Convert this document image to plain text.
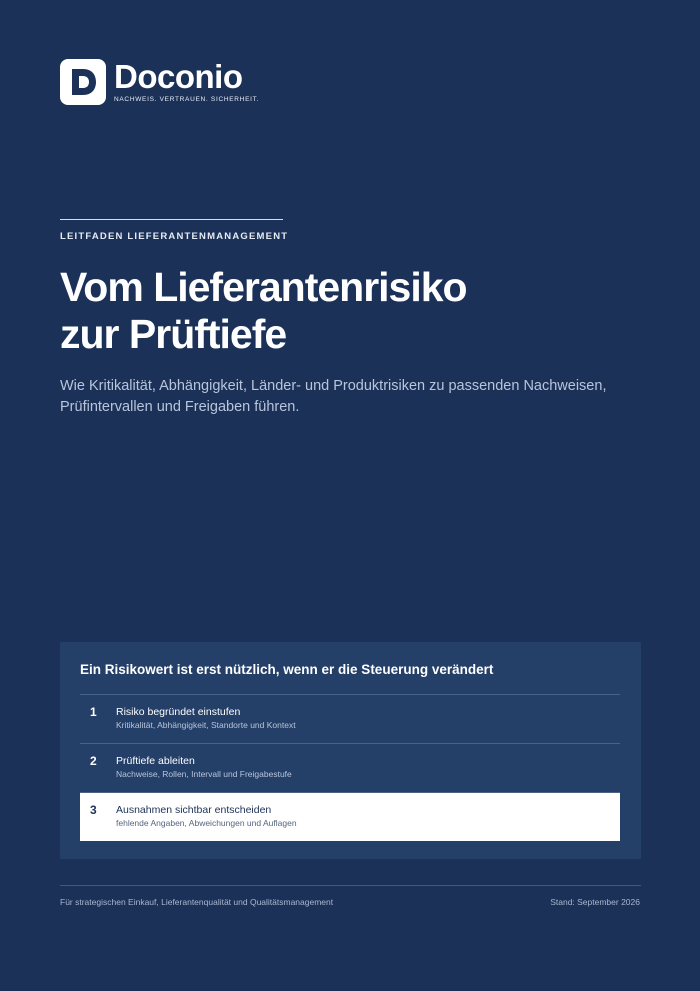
Doconio
NACHWEIS. VERTRAUEN. SICHERHEIT.
LEITFADEN LIEFERANTENMANAGEMENT
Vom Lieferantenrisiko
zur Prüftiefe
Wie Kritikalität, Abhängigkeit, Länder- und Produktrisiken zu passenden Nachweisen, Prüfintervallen und Freigaben führen.
Ein Risikowert ist erst nützlich, wenn er die Steuerung verändert
1 Risiko begründet einstufen
Kritikalität, Abhängigkeit, Standorte und Kontext
2 Prüftiefe ableiten
Nachweise, Rollen, Intervall und Freigabestufe
3 Ausnahmen sichtbar entscheiden
fehlende Angaben, Abweichungen und Auflagen
Für strategischen Einkauf, Lieferantenqualität und Qualitätsmanagement	Stand: September 2026
